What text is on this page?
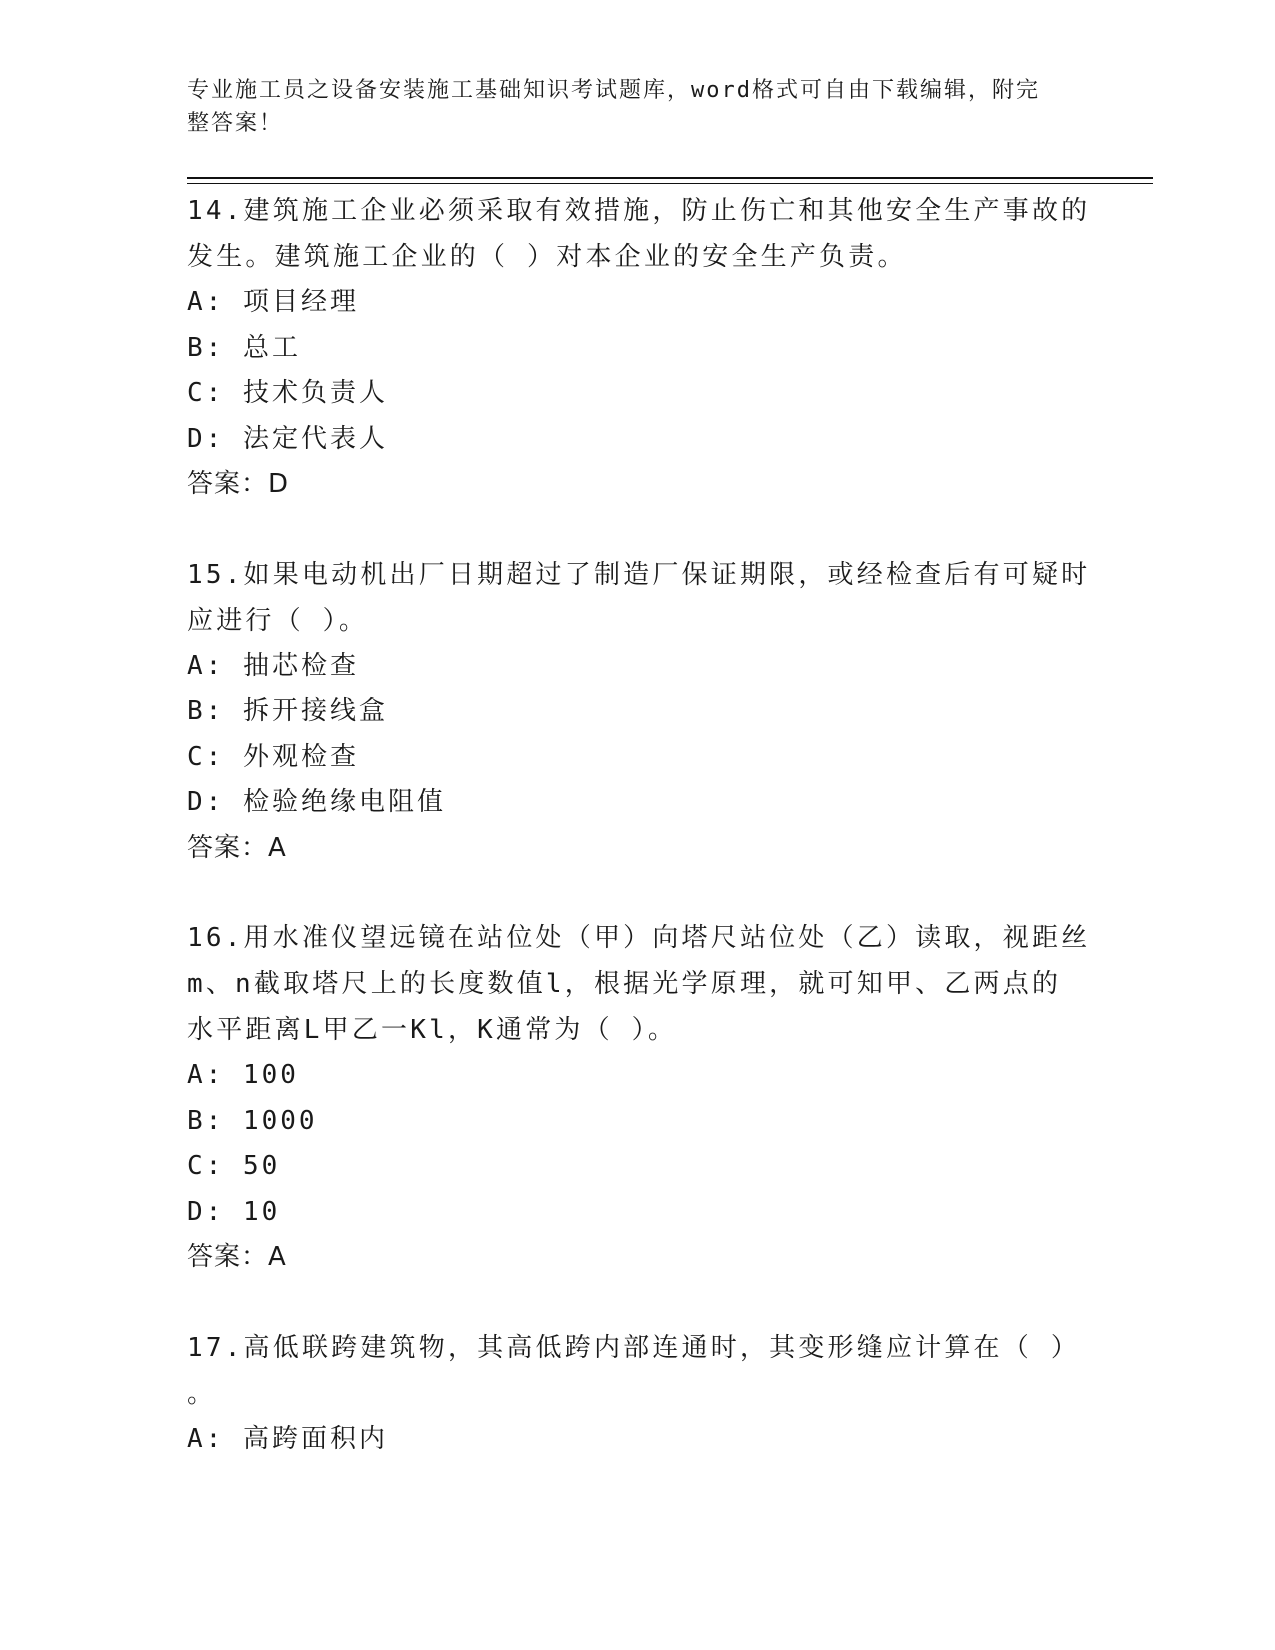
专业施工员之设备安装施工基础知识考试题库，word格式可自由下载编辑，附完
整答案！
14.建筑施工企业必须采取有效措施，防止伤亡和其他安全生产事故的
发生。建筑施工企业的（ ）对本企业的安全生产负责。
A: 项目经理
B: 总工
C: 技术负责人
D: 法定代表人
答案：D
15.如果电动机出厂日期超过了制造厂保证期限，或经检查后有可疑时
应进行（ ）。
A: 抽芯检查
B: 拆开接线盒
C: 外观检查
D: 检验绝缘电阻值
答案：A
16.用水准仪望远镜在站位处（甲）向塔尺站位处（乙）读取，视距丝
m、n截取塔尺上的长度数值l，根据光学原理，就可知甲、乙两点的
水平距离L甲乙一Kl，K通常为（ ）。
A: 100
B: 1000
C: 50
D: 10
答案：A
17.高低联跨建筑物，其高低跨内部连通时，其变形缝应计算在（ ）
。
A: 高跨面积内
